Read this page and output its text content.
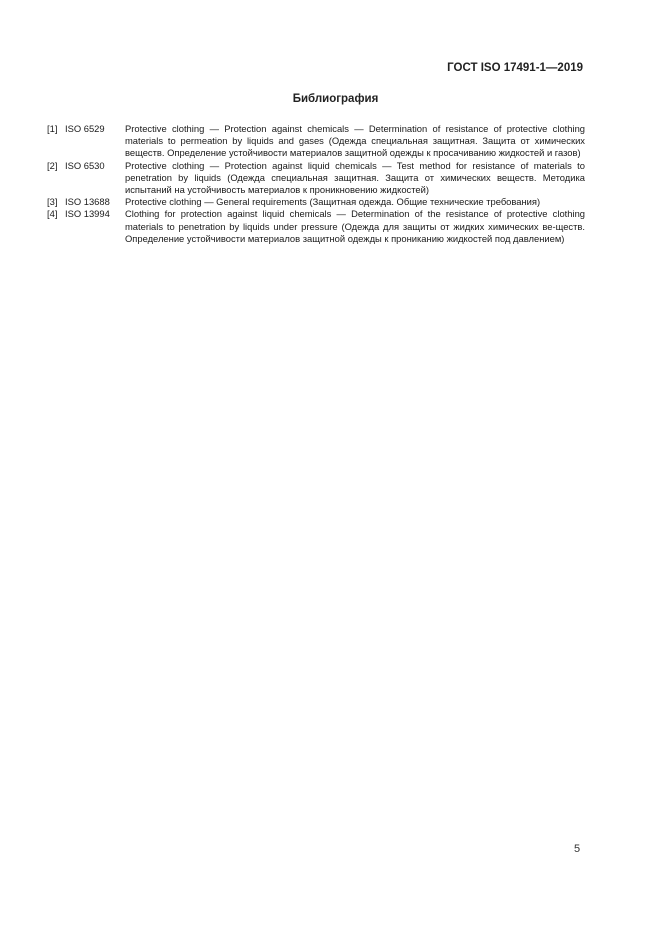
ГОСТ ISO 17491-1—2019
Библиография
[1] ISO 6529	Protective clothing — Protection against chemicals — Determination of resistance of protective clothing materials to permeation by liquids and gases (Одежда специальная защитная. Защита от химических веществ. Определение устойчивости материалов защитной одежды к просачиванию жидкостей и газов)
[2] ISO 6530	Protective clothing — Protection against liquid chemicals — Test method for resistance of materials to penetration by liquids (Одежда специальная защитная. Защита от химических веществ. Методика испытаний на устойчивость материалов к проникновению жидкостей)
[3] ISO 13688	Protective clothing — General requirements (Защитная одежда. Общие технические требования)
[4] ISO 13994	Clothing for protection against liquid chemicals — Determination of the resistance of protective clothing materials to penetration by liquids under pressure (Одежда для защиты от жидких химических ве-ществ. Определение устойчивости материалов защитной одежды к прониканию жидкостей под давлением)
5
